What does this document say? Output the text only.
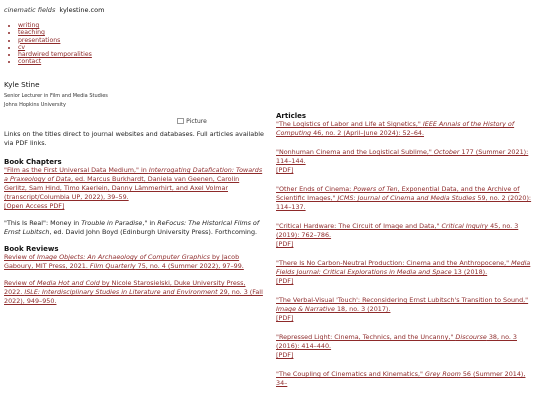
cinematic fields kylestine.com
• writing
• teaching
• presentations
• cv
• hardwired temporalities
• contact
Kyle Stine
Senior Lecturer in Film and Media Studies
Johns Hopkins University
Picture
Links on the titles direct to journal websites and databases. Full articles available via PDF links.
Book Chapters
"Film as the First Universal Data Medium," in Interrogating Datafication: Towards a Praxeology of Data, ed. Marcus Burkhardt, Daniela van Geenen, Carolin Gerlitz, Sam Hind, Timo Kaerlein, Danny Lämmerhirt, and Axel Volmar (transcript/Columbia UP, 2022), 39–59.
[Open Access PDF]
"This Is Real": Money in Trouble in Paradise," in ReFocus: The Historical Films of Ernst Lubitsch, ed. David John Boyd (Edinburgh University Press). Forthcoming.
Book Reviews
Review of Image Objects: An Archaeology of Computer Graphics by Jacob Gaboury, MIT Press, 2021. Film Quarterly 75, no. 4 (Summer 2022), 97–99.
Review of Media Hot and Cold by Nicole Starosielski, Duke University Press, 2022. ISLE: Interdisciplinary Studies in Literature and Environment 29, no. 3 (Fall 2022), 949–950.
Articles
"The Logistics of Labor and Life at Signetics," IEEE Annals of the History of Computing 46, no. 2 (April–June 2024): 52–64.
"Nonhuman Cinema and the Logistical Sublime," October 177 (Summer 2021): 114–144.
[PDF]
"Other Ends of Cinema: Powers of Ten, Exponential Data, and the Archive of Scientific Images," JCMS: Journal of Cinema and Media Studies 59, no. 2 (2020): 114–137.
"Critical Hardware: The Circuit of Image and Data," Critical Inquiry 45, no. 3 (2019): 762–786.
[PDF]
"There Is No Carbon-Neutral Production: Cinema and the Anthropocene," Media Fields Journal: Critical Explorations in Media and Space 13 (2018).
[PDF]
"The Verbal-Visual 'Touch': Reconsidering Ernst Lubitsch's Transition to Sound," Image & Narrative 18, no. 3 (2017).
[PDF]
"Repressed Light: Cinema, Technics, and the Uncanny," Discourse 38, no. 3 (2016): 414–440.
[PDF]
"The Coupling of Cinematics and Kinematics," Grey Room 56 (Summer 2014), 34–
